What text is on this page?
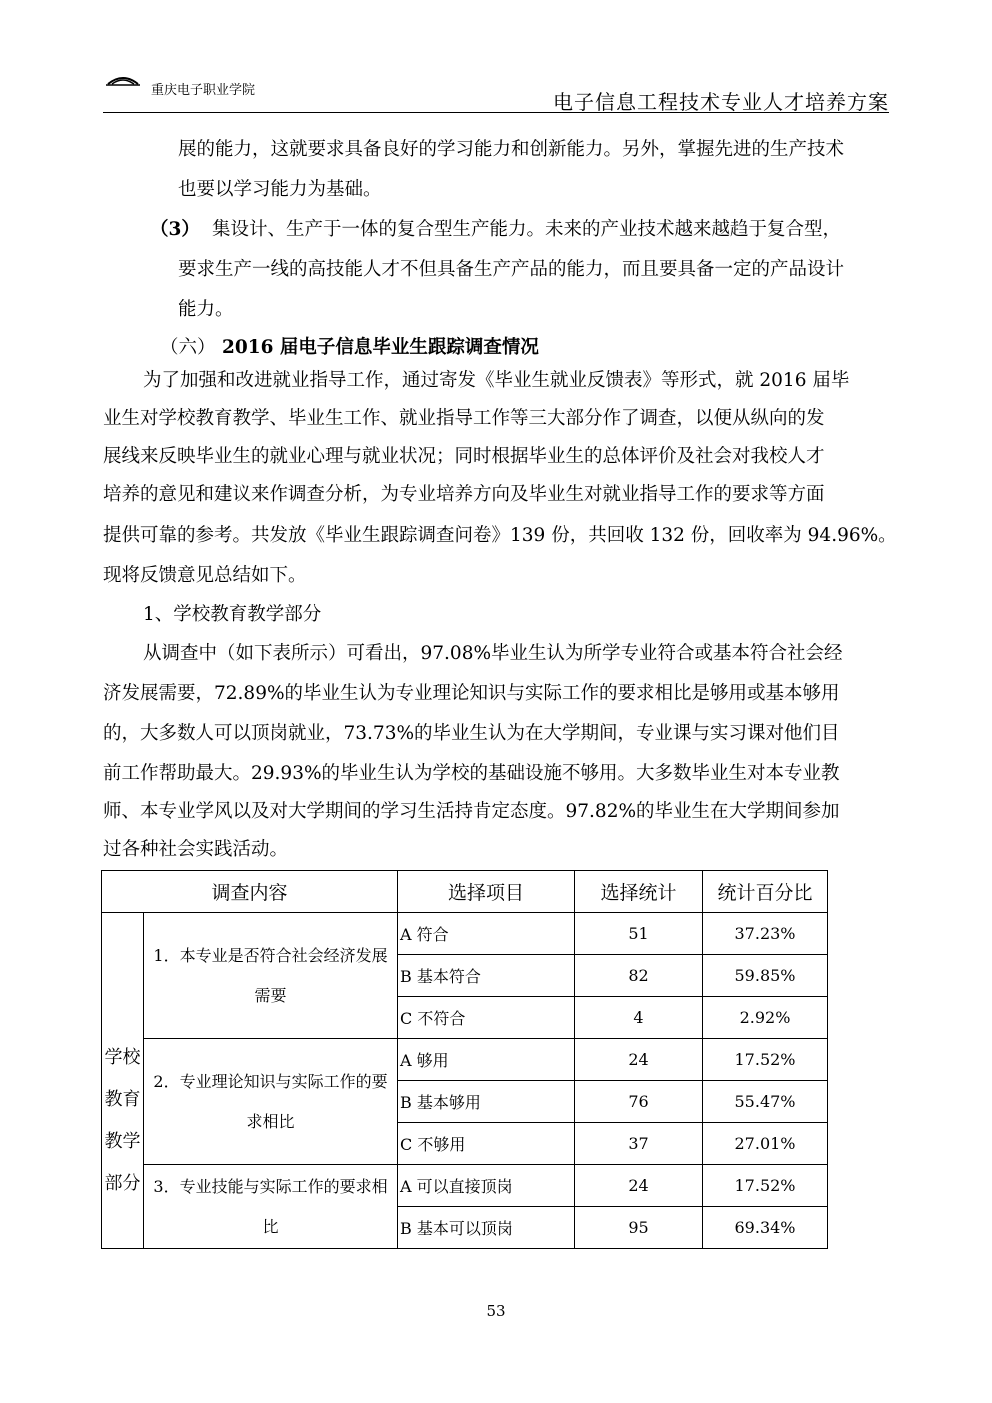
重庆电子职业学院	电子信息工程技术专业人才培养方案
展的能力，这就要求具备良好的学习能力和创新能力。另外，掌握先进的生产技术
也要以学习能力为基础。
（3） 集设计、生产于一体的复合型生产能力。未来的产业技术越来越趋于复合型，
要求生产一线的高技能人才不但具备生产产品的能力，而且要具备一定的产品设计
能力。
（六） 2016 届电子信息毕业生跟踪调查情况
为了加强和改进就业指导工作，通过寄发《毕业生就业反馈表》等形式，就 2016 届毕
业生对学校教育教学、毕业生工作、就业指导工作等三大部分作了调查，以便从纵向的发
展线来反映毕业生的就业心理与就业状况；同时根据毕业生的总体评价及社会对我校人才
培养的意见和建议来作调查分析，为专业培养方向及毕业生对就业指导工作的要求等方面
提供可靠的参考。共发放《毕业生跟踪调查问卷》139 份，共回收 132 份，回收率为 94.96%。
现将反馈意见总结如下。
1、学校教育教学部分
从调查中（如下表所示）可看出，97.08%毕业生认为所学专业符合或基本符合社会经
济发展需要，72.89%的毕业生认为专业理论知识与实际工作的要求相比是够用或基本够用
的，大多数人可以顶岗就业，73.73%的毕业生认为在大学期间，专业课与实习课对他们目
前工作帮助最大。29.93%的毕业生认为学校的基础设施不够用。大多数毕业生对本专业教
师、本专业学风以及对大学期间的学习生活持肯定态度。97.82%的毕业生在大学期间参加
过各种社会实践活动。
调查内容		选择项目	选择统计	统计百分比
学校
教育
教学
部分	1．本专业是否符合社会经济发展需要	A 符合	51	37.23%
		B 基本符合	82	59.85%
		C 不符合	4	2.92%
	2．专业理论知识与实际工作的要求相比	A 够用	24	17.52%
		B 基本够用	76	55.47%
		C 不够用	37	27.01%
	3．专业技能与实际工作的要求相比	A 可以直接顶岗	24	17.52%
		B 基本可以顶岗	95	69.34%
53
